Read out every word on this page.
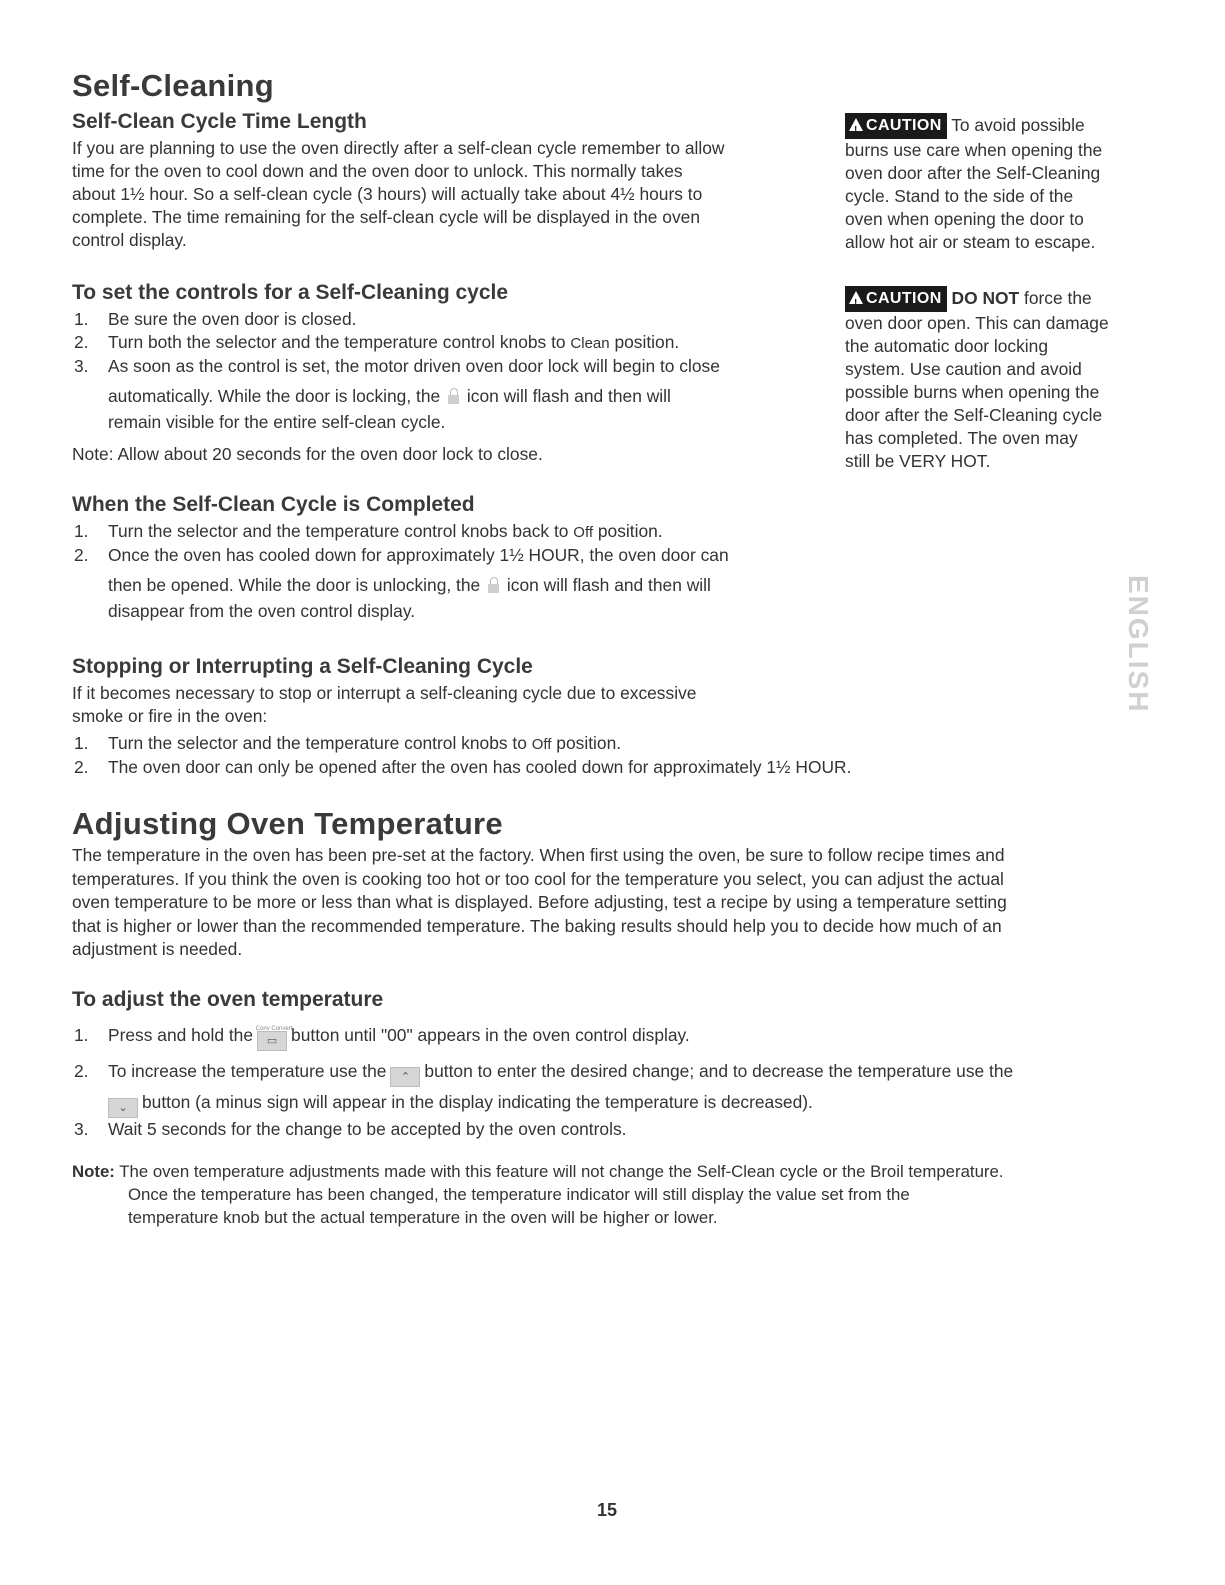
Self-Cleaning
Self-Clean Cycle Time Length
If you are planning to use the oven directly after a self-clean cycle remember to allow
time for the oven to cool down and the oven door to unlock. This normally takes
about 1½ hour. So a self-clean cycle (3 hours) will actually take about 4½ hours to
complete. The time remaining for the self-clean cycle will be displayed in the oven
control display.
To set the controls for a Self-Cleaning cycle
1. Be sure the oven door is closed.
2. Turn both the selector and the temperature control knobs to Clean position.
3. As soon as the control is set, the motor driven oven door lock will begin to close
automatically. While the door is locking, the icon will flash and then will
remain visible for the entire self-clean cycle.
Note: Allow about 20 seconds for the oven door lock to close.
When the Self-Clean Cycle is Completed
1. Turn the selector and the temperature control knobs back to Off position.
2. Once the oven has cooled down for approximately 1½ HOUR, the oven door can
then be opened. While the door is unlocking, the icon will flash and then will
disappear from the oven control display.
Stopping or Interrupting a Self-Cleaning Cycle
If it becomes necessary to stop or interrupt a self-cleaning cycle due to excessive
smoke or fire in the oven:
1. Turn the selector and the temperature control knobs to Off position.
2. The oven door can only be opened after the oven has cooled down for approximately 1½ HOUR.
! CAUTION To avoid possible
burns use care when opening the
oven door after the Self-Cleaning
cycle. Stand to the side of the
oven when opening the door to
allow hot air or steam to escape.
! CAUTION DO NOT force the
oven door open. This can damage
the automatic door locking
system. Use caution and avoid
possible burns when opening the
door after the Self-Cleaning cycle
has completed. The oven may
still be VERY HOT.
ENGLISH
Adjusting Oven Temperature
The temperature in the oven has been pre-set at the factory. When first using the oven, be sure to follow recipe times and
temperatures. If you think the oven is cooking too hot or too cool for the temperature you select, you can adjust the actual
oven temperature to be more or less than what is displayed. Before adjusting, test a recipe by using a temperature setting
that is higher or lower than the recommended temperature. The baking results should help you to decide how much of an
adjustment is needed.
To adjust the oven temperature
1. Press and hold the Conv Convert
▭ button until "00" appears in the oven control display.
2. To increase the temperature use the ⌃ button to enter the desired change; and to decrease the temperature use the
⌄ button (a minus sign will appear in the display indicating the temperature is decreased).
3. Wait 5 seconds for the change to be accepted by the oven controls.
Note: The oven temperature adjustments made with this feature will not change the Self-Clean cycle or the Broil temperature.
Once the temperature has been changed, the temperature indicator will still display the value set from the
temperature knob but the actual temperature in the oven will be higher or lower.
15
